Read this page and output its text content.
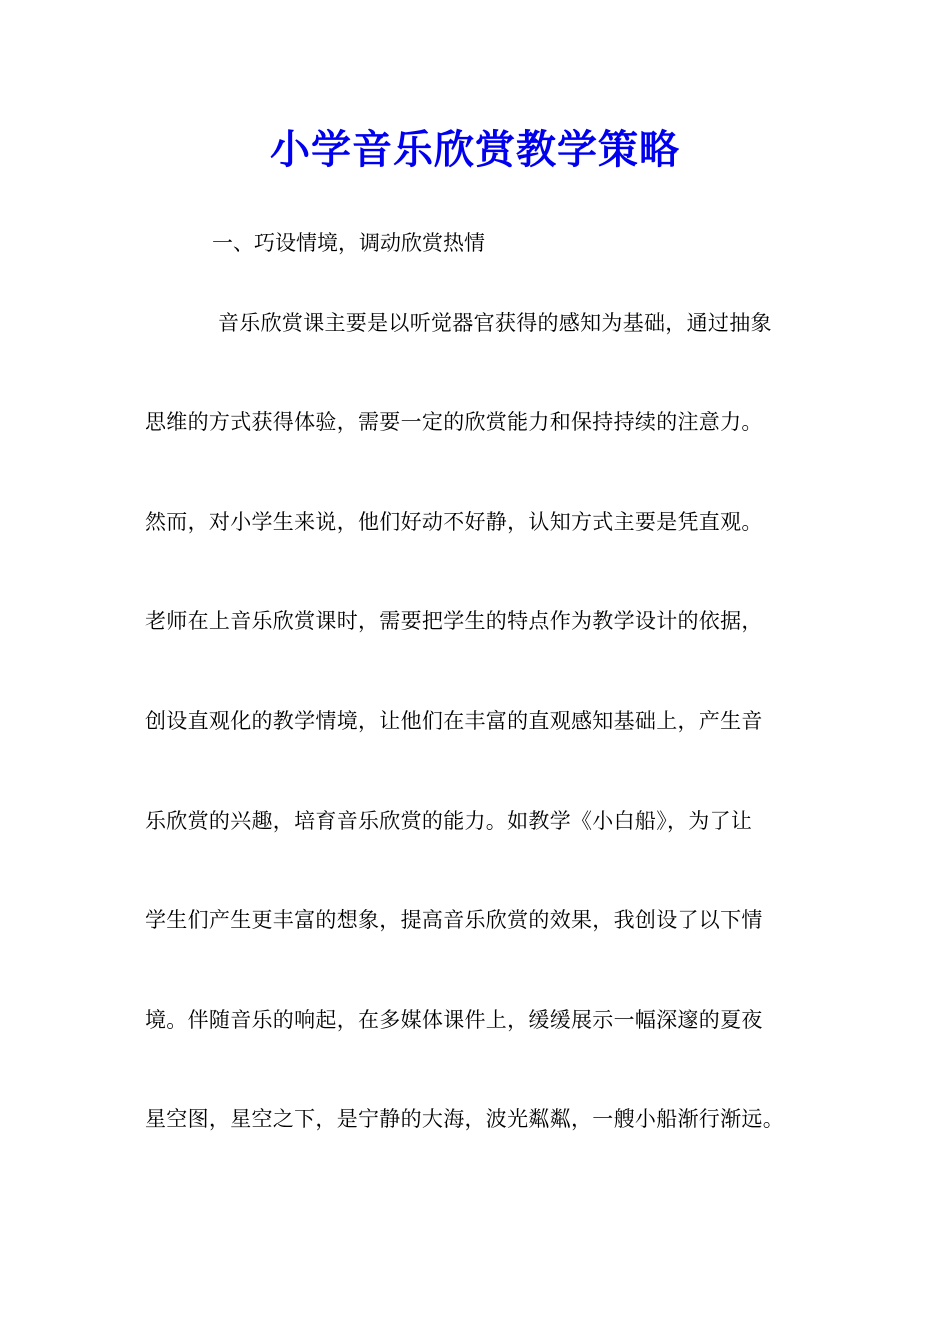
小学音乐欣赏教学策略
一、巧设情境，调动欣赏热情
音乐欣赏课主要是以听觉器官获得的感知为基础，通过抽象
思维的方式获得体验，需要一定的欣赏能力和保持持续的注意力。
然而，对小学生来说，他们好动不好静，认知方式主要是凭直观。
老师在上音乐欣赏课时，需要把学生的特点作为教学设计的依据，
创设直观化的教学情境，让他们在丰富的直观感知基础上，产生音
乐欣赏的兴趣，培育音乐欣赏的能力。如教学《小白船》，为了让
学生们产生更丰富的想象，提高音乐欣赏的效果，我创设了以下情
境。伴随音乐的响起，在多媒体课件上，缓缓展示一幅深邃的夏夜
星空图，星空之下，是宁静的大海，波光粼粼，一艘小船渐行渐远。
